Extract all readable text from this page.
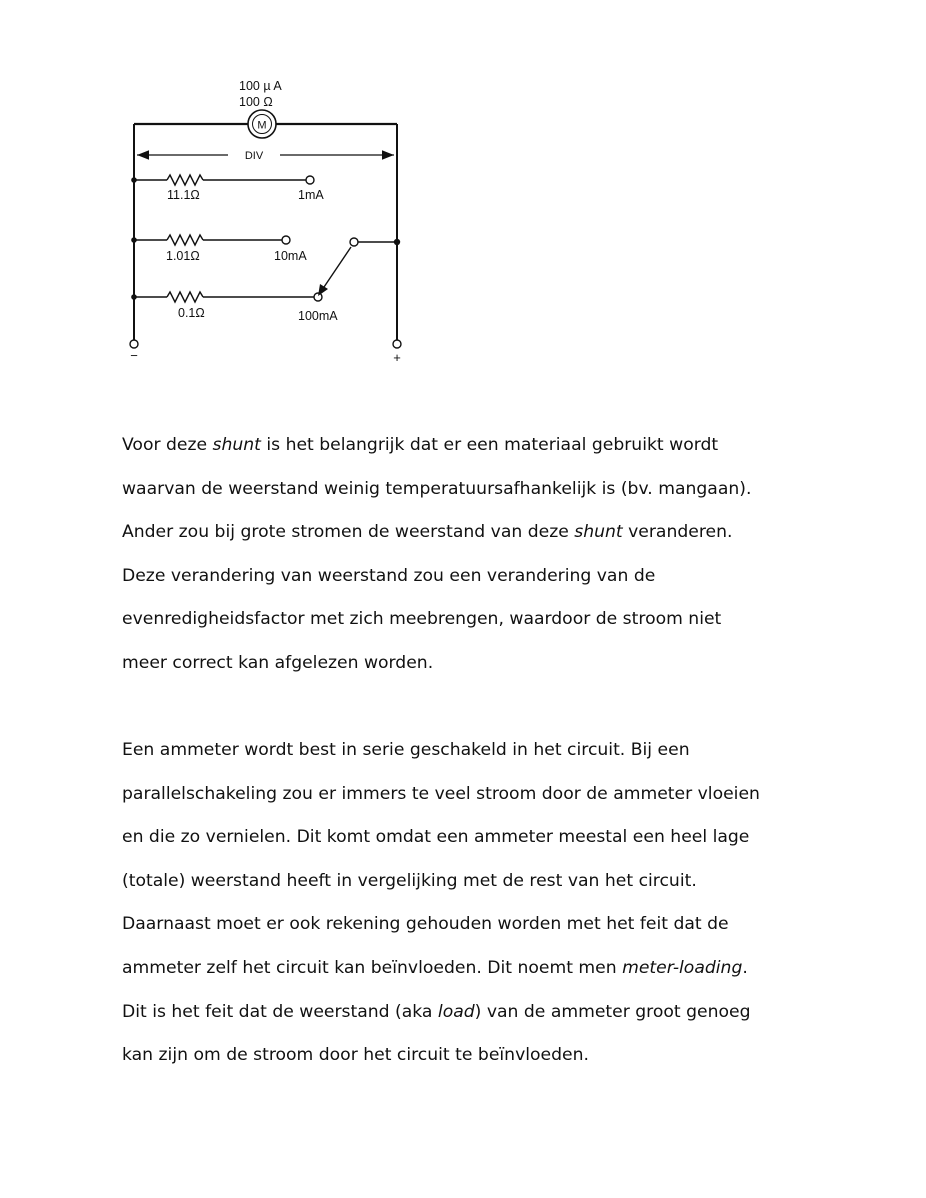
100 µ A
100 Ω
M
DIV
11.1Ω	1mA
1.01Ω	10mA
0.1Ω	100mA
−	+
Voor deze shunt is het belangrijk dat er een materiaal gebruikt wordt
waarvan de weerstand weinig temperatuursafhankelijk is (bv. mangaan).
Ander zou bij grote stromen de weerstand van deze shunt veranderen.
Deze verandering van weerstand zou een verandering van de
evenredigheidsfactor met zich meebrengen, waardoor de stroom niet
meer correct kan afgelezen worden.
Een ammeter wordt best in serie geschakeld in het circuit. Bij een
parallelschakeling zou er immers te veel stroom door de ammeter vloeien
en die zo vernielen. Dit komt omdat een ammeter meestal een heel lage
(totale) weerstand heeft in vergelijking met de rest van het circuit.
Daarnaast moet er ook rekening gehouden worden met het feit dat de
ammeter zelf het circuit kan beïnvloeden. Dit noemt men meter-loading.
Dit is het feit dat de weerstand (aka load) van de ammeter groot genoeg
kan zijn om de stroom door het circuit te beïnvloeden.
